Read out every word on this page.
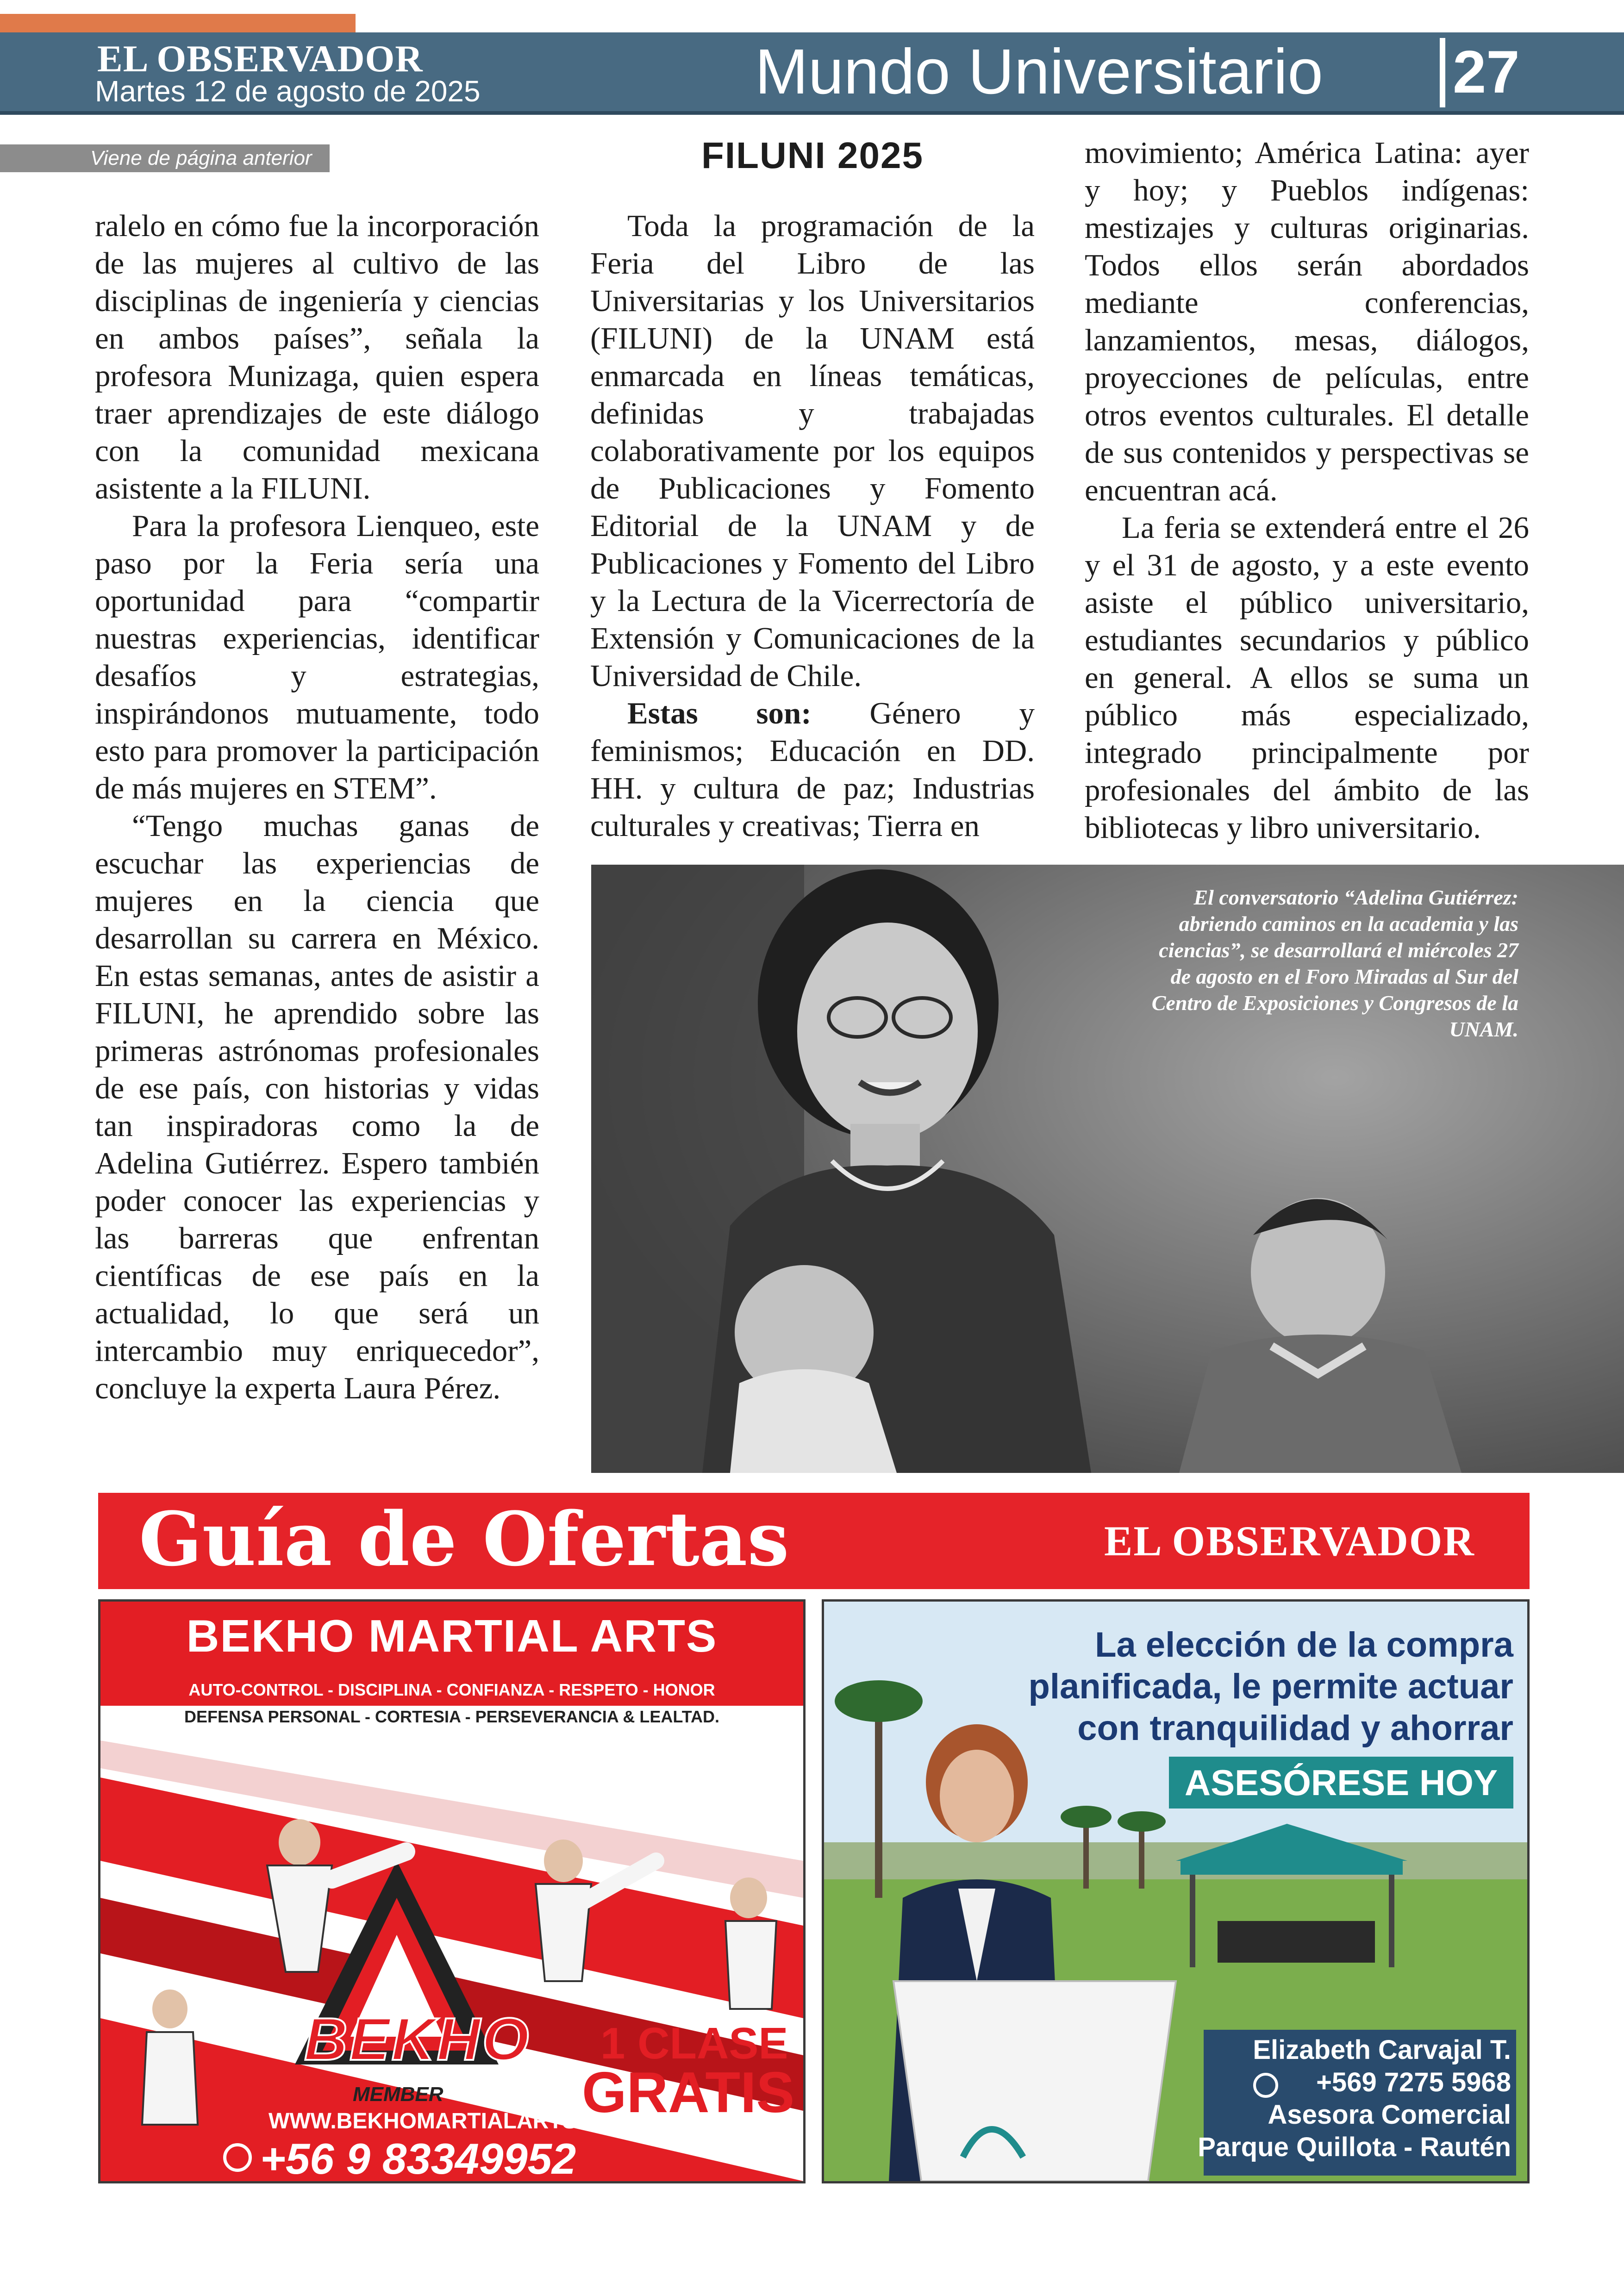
EL OBSERVADOR
Martes 12 de agosto de 2025	Mundo Universitario 27
Viene de página anterior

ralelo en cómo fue la incorporación de las mujeres al cultivo de las disciplinas de ingeniería y ciencias en ambos países”, señala la profesora Munizaga, quien espera traer aprendizajes de este diálogo con la comunidad mexicana asistente a la FILUNI.

Para la profesora Lienqueo, este paso por la Feria sería una oportunidad para “compartir nuestras experiencias, identificar desafíos y estrategias, inspirándonos mutuamente, todo esto para promover la participación de más mujeres en STEM”.

“Tengo muchas ganas de escuchar las experiencias de mujeres en la ciencia que desarrollan su carrera en México. En estas semanas, antes de asistir a FILUNI, he aprendido sobre las primeras astrónomas profesionales de ese país, con historias y vidas tan inspiradoras como la de Adelina Gutiérrez. Espero también poder conocer las experiencias y las barreras que enfrentan científicas de ese país en la actualidad, lo que será un intercambio muy enriquecedor”, concluye la experta Laura Pérez.

FILUNI 2025

Toda la programación de la Feria del Libro de las Universitarias y los Universitarios (FILUNI) de la UNAM está enmarcada en líneas temáticas, definidas y trabajadas colaborativamente por los equipos de Publicaciones y Fomento Editorial de la UNAM y de Publicaciones y Fomento del Libro y la Lectura de la Vicerrectoría de Extensión y Comunicaciones de la Universidad de Chile.

Estas son: Género y feminismos; Educación en DD. HH. y cultura de paz; Industrias culturales y creativas; Tierra en

movimiento; América Latina: ayer y hoy; y Pueblos indígenas: mestizajes y culturas originarias. Todos ellos serán abordados mediante conferencias, lanzamientos, mesas, diálogos, proyecciones de películas, entre otros eventos culturales. El detalle de sus contenidos y perspectivas se encuentran acá.

La feria se extenderá entre el 26 y el 31 de agosto, y a este evento asiste el público universitario, estudiantes secundarios y público en general. A ellos se suma un público más especializado, integrado principalmente por profesionales del ámbito de las bibliotecas y libro universitario.

El conversatorio “Adelina Gutiérrez: abriendo caminos en la academia y las ciencias”, se desarrollará el miércoles 27 de agosto en el Foro Miradas al Sur del Centro de Exposiciones y Congresos de la UNAM.
Guía de Ofertas	EL OBSERVADOR
BEKHO MARTIAL ARTS
AUTO-CONTROL - DISCIPLINA - CONFIANZA - RESPETO - HONOR
DEFENSA PERSONAL - CORTESIA - PERSEVERANCIA & LEALTAD.
BEKHO
MEMBER
1 CLASE
GRATIS
WWW.BEKHOMARTIALARTS.COM
+56 9 83349952
La elección de la compra
planificada, le permite actuar
con tranquilidad y ahorrar
ASESÓRESE HOY
Elizabeth Carvajal T.
+569 7275 5968
Asesora Comercial
Parque Quillota - Rautén
